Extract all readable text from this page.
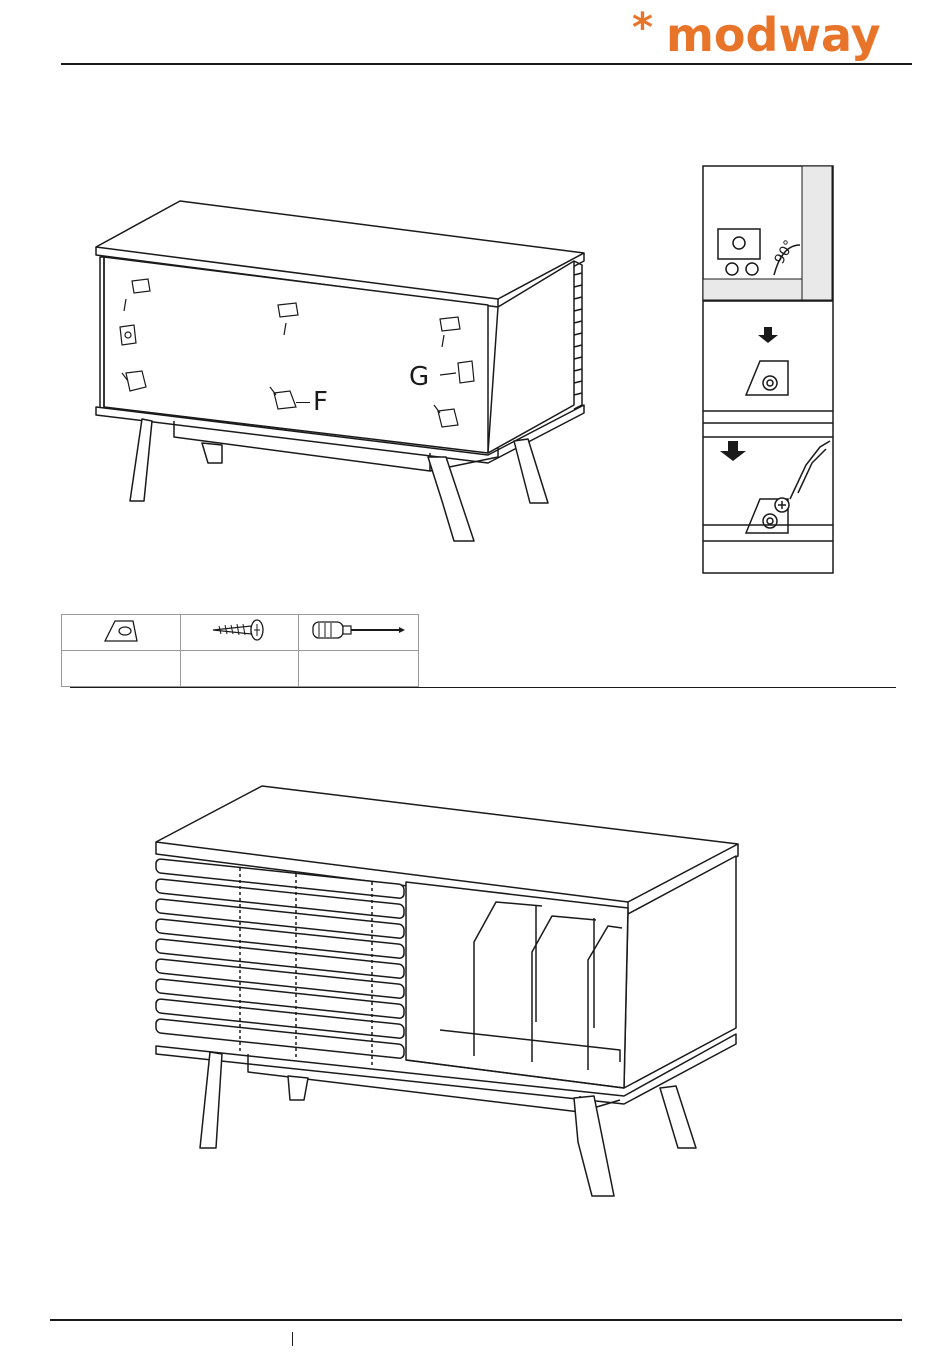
* modway
F
G
90°
